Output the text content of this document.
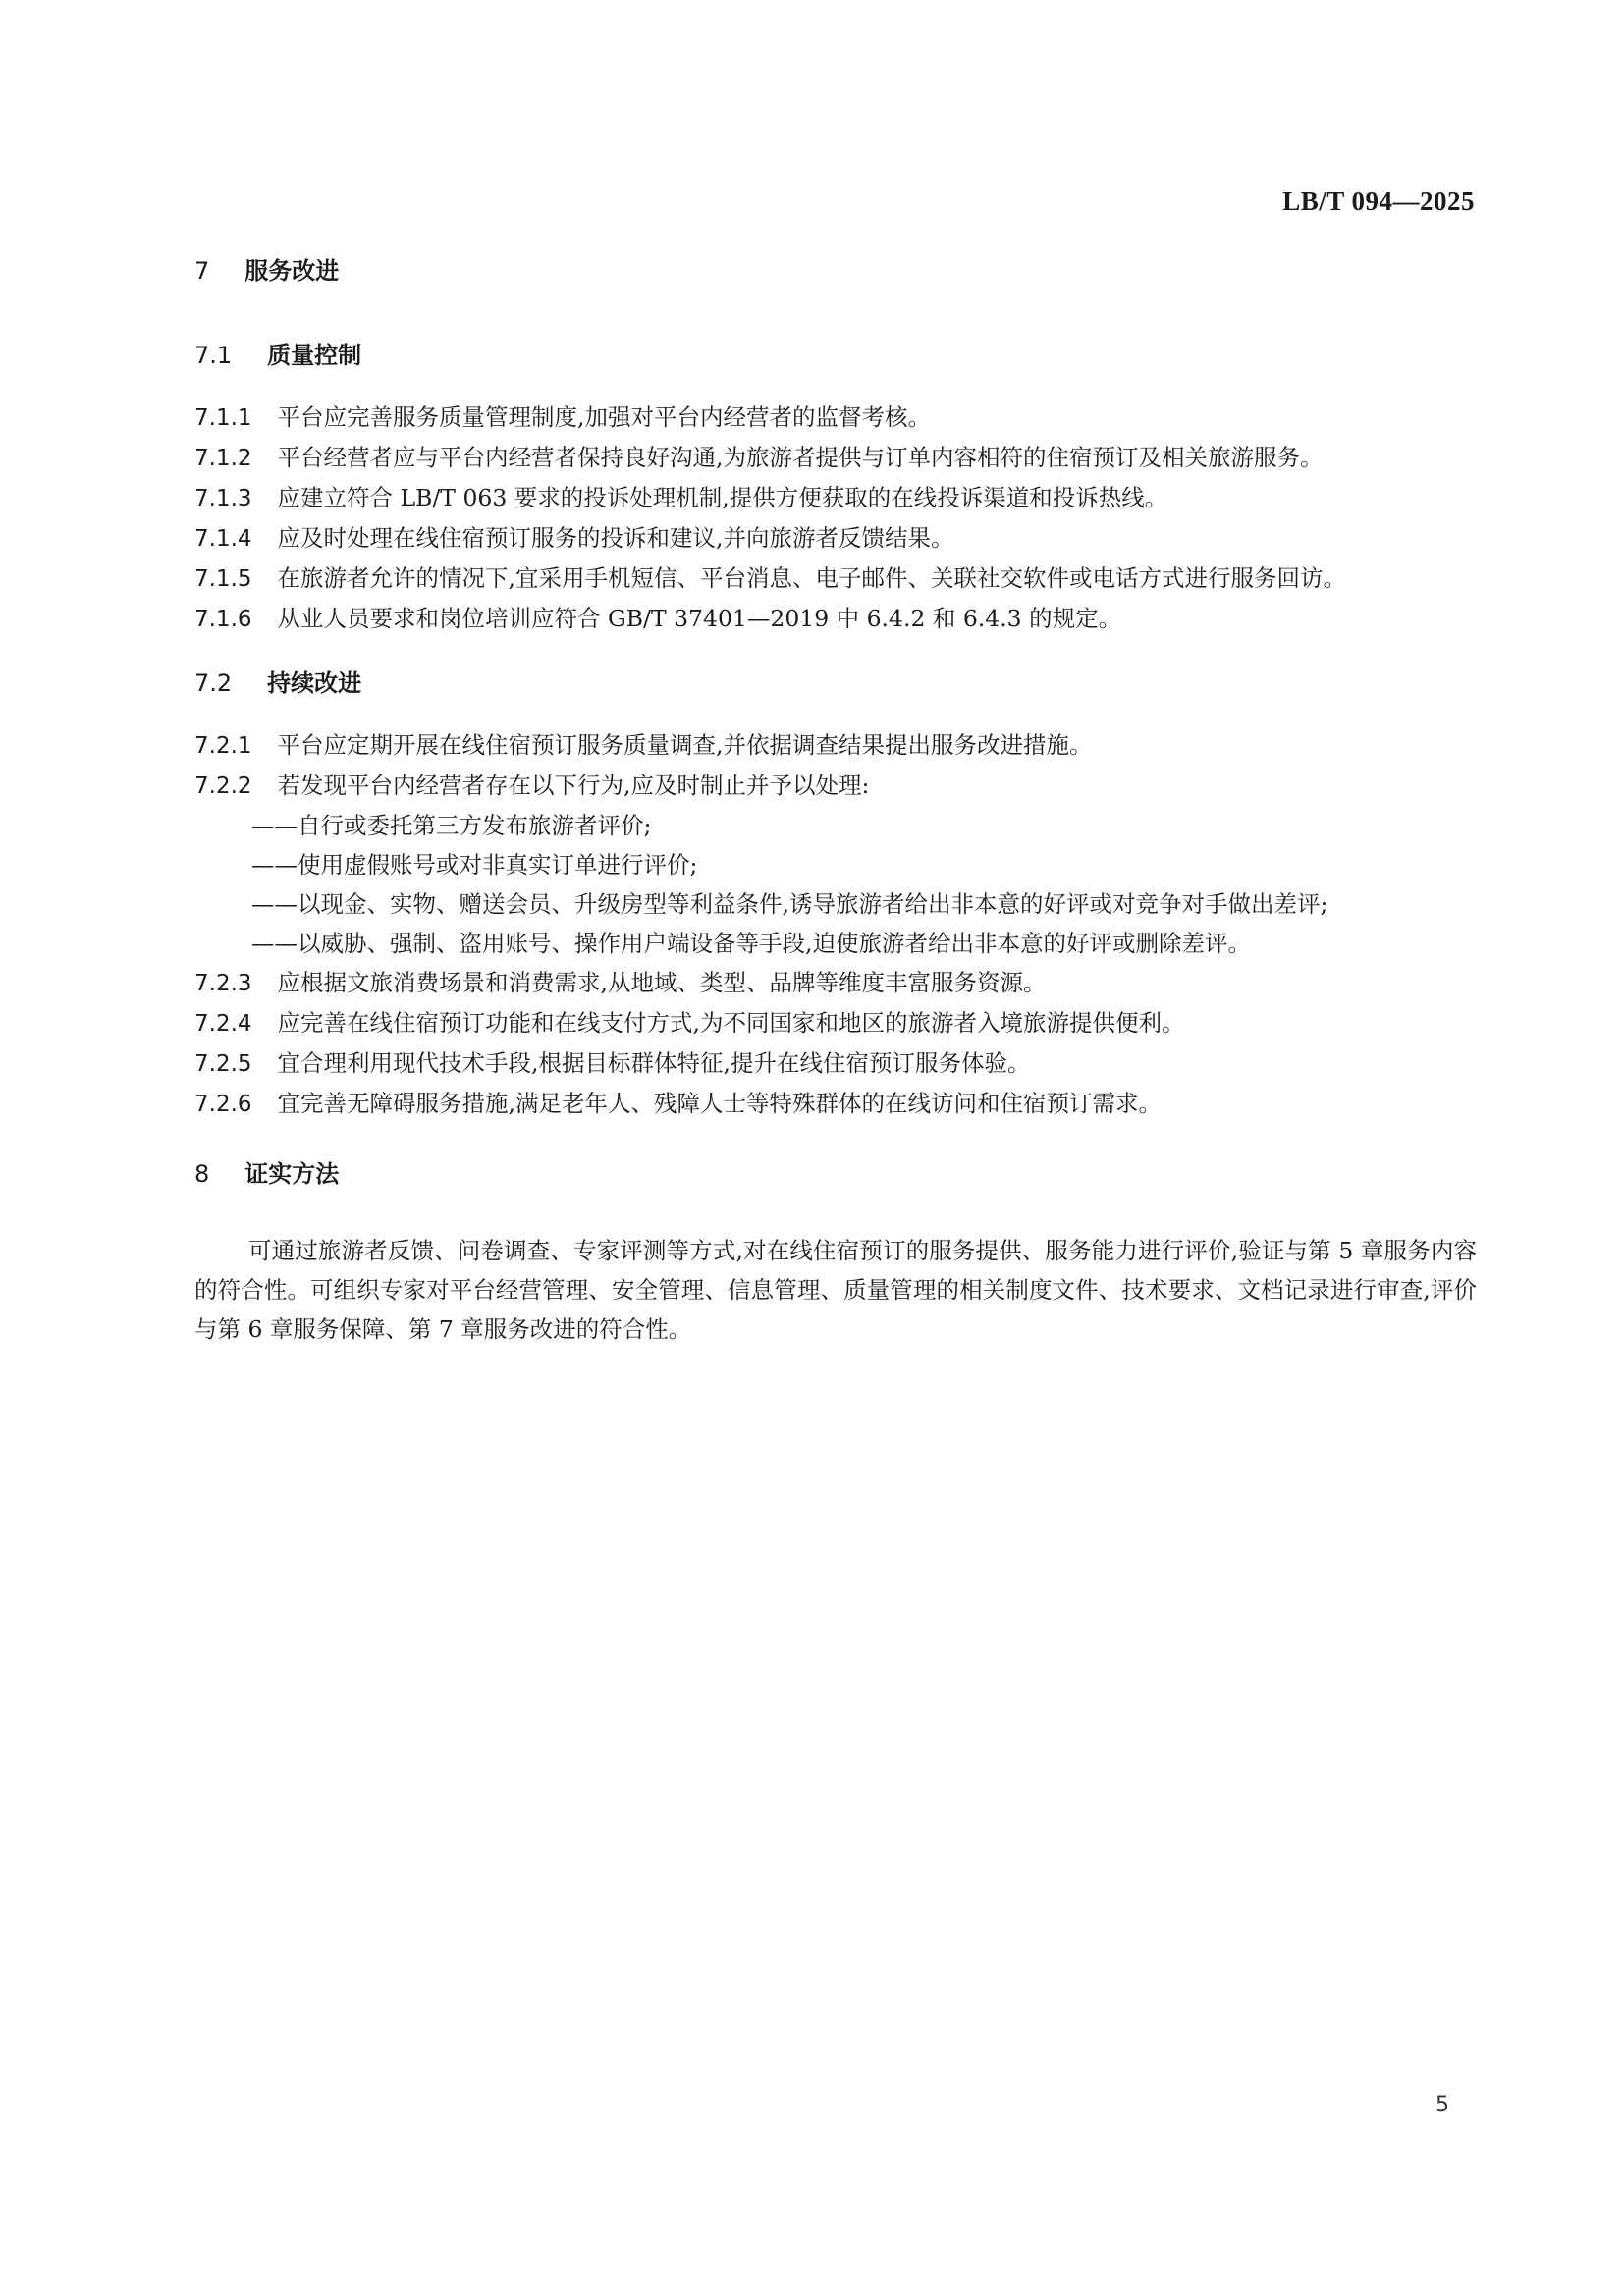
LB/T 094—2025
7 服务改进
7.1 质量控制

7.1.1 平台应完善服务质量管理制度,加强对平台内经营者的监督考核。

7.1.2 平台经营者应与平台内经营者保持良好沟通,为旅游者提供与订单内容相符的住宿预订及相关旅游服务。

7.1.3 应建立符合 LB/T 063 要求的投诉处理机制,提供方便获取的在线投诉渠道和投诉热线。

7.1.4 应及时处理在线住宿预订服务的投诉和建议,并向旅游者反馈结果。

7.1.5 在旅游者允许的情况下,宜采用手机短信、平台消息、电子邮件、关联社交软件或电话方式进行服务回访。

7.1.6 从业人员要求和岗位培训应符合 GB/T 37401—2019 中 6.4.2 和 6.4.3 的规定。

7.2 持续改进

7.2.1 平台应定期开展在线住宿预订服务质量调查,并依据调查结果提出服务改进措施。

7.2.2 若发现平台内经营者存在以下行为,应及时制止并予以处理:

——自行或委托第三方发布旅游者评价;

——使用虚假账号或对非真实订单进行评价;

——以现金、实物、赠送会员、升级房型等利益条件,诱导旅游者给出非本意的好评或对竞争对手做出差评;

——以威胁、强制、盗用账号、操作用户端设备等手段,迫使旅游者给出非本意的好评或删除差评。

7.2.3 应根据文旅消费场景和消费需求,从地域、类型、品牌等维度丰富服务资源。

7.2.4 应完善在线住宿预订功能和在线支付方式,为不同国家和地区的旅游者入境旅游提供便利。

7.2.5 宜合理利用现代技术手段,根据目标群体特征,提升在线住宿预订服务体验。

7.2.6 宜完善无障碍服务措施,满足老年人、残障人士等特殊群体的在线访问和住宿预订需求。

8 证实方法

可通过旅游者反馈、问卷调查、专家评测等方式,对在线住宿预订的服务提供、服务能力进行评价,验证与第 5 章服务内容的符合性。可组织专家对平台经营管理、安全管理、信息管理、质量管理的相关制度文件、技术要求、文档记录进行审查,评价与第 6 章服务保障、第 7 章服务改进的符合性。

5
